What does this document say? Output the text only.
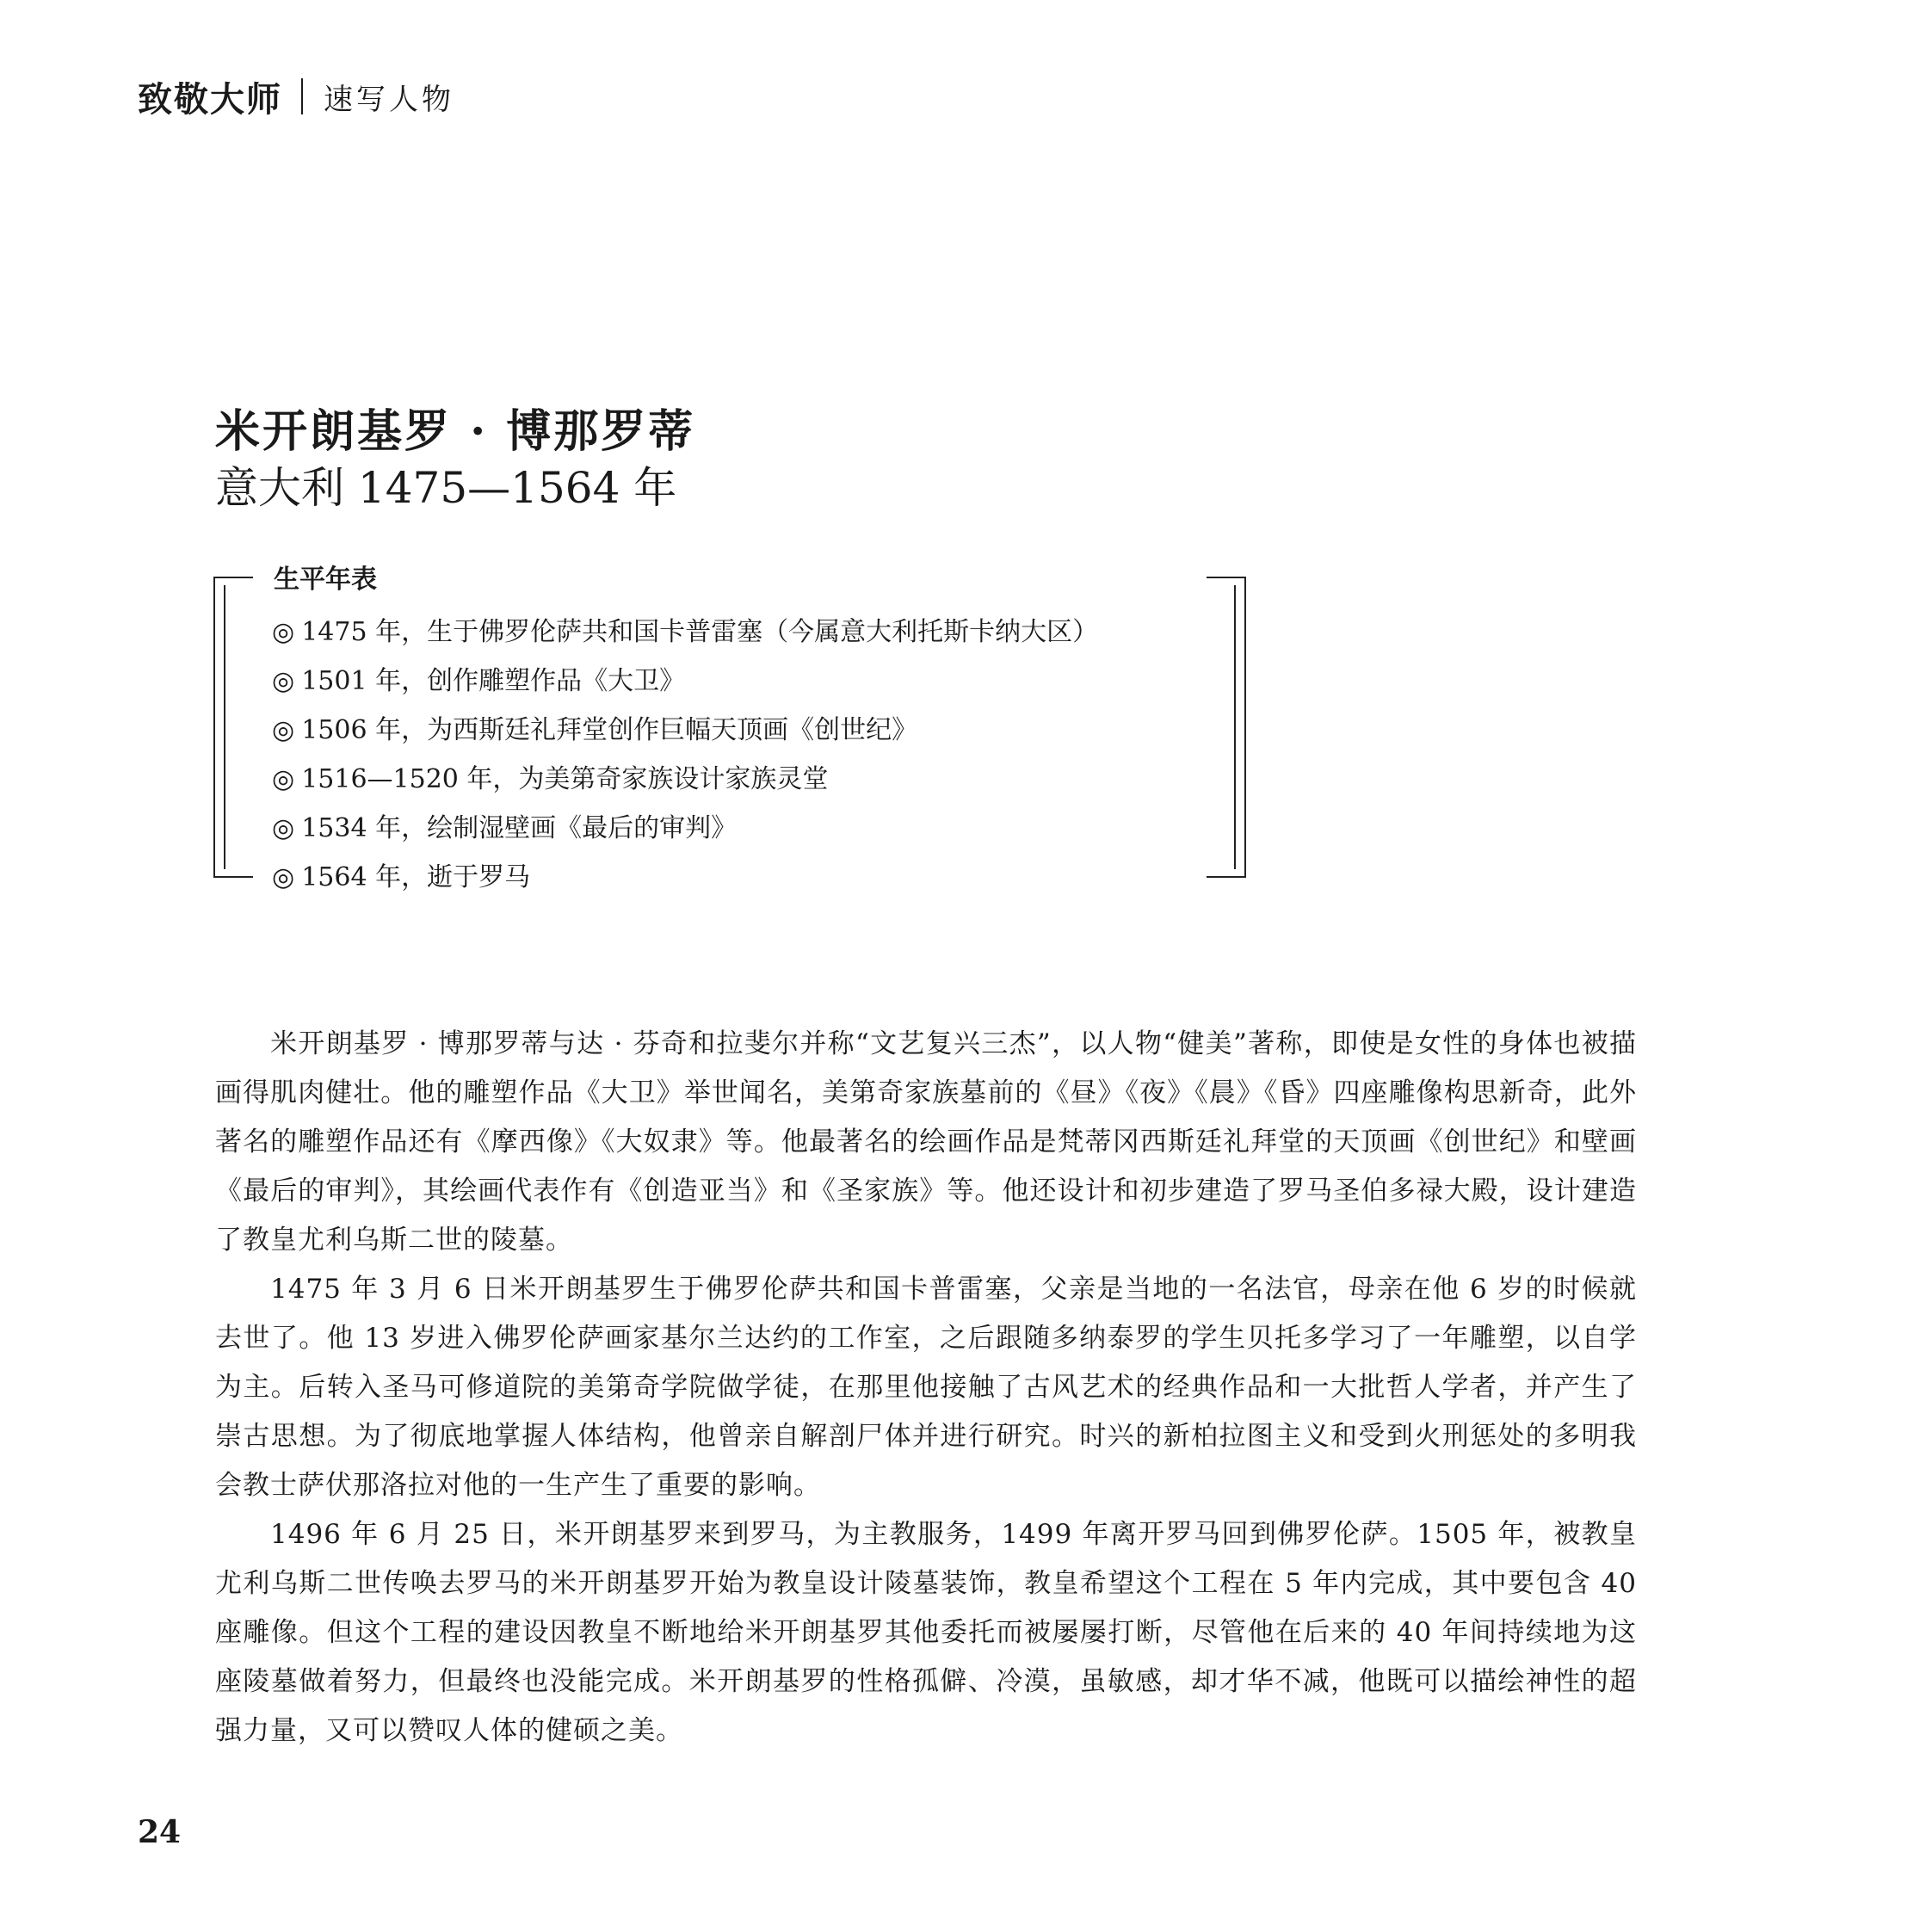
致敬大师 速写人物
米开朗基罗 · 博那罗蒂
意大利 1475—1564 年
生平年表
◎ 1475 年，生于佛罗伦萨共和国卡普雷塞（今属意大利托斯卡纳大区）
◎ 1501 年，创作雕塑作品《大卫》
◎ 1506 年，为西斯廷礼拜堂创作巨幅天顶画《创世纪》
◎ 1516—1520 年，为美第奇家族设计家族灵堂
◎ 1534 年，绘制湿壁画《最后的审判》
◎ 1564 年，逝于罗马

米开朗基罗 · 博那罗蒂与达 · 芬奇和拉斐尔并称“文艺复兴三杰”，以人物“健美”著称，即使是女性的身体也被描画得肌肉健壮。他的雕塑作品《大卫》举世闻名，美第奇家族墓前的《昼》《夜》《晨》《昏》四座雕像构思新奇，此外著名的雕塑作品还有《摩西像》《大奴隶》等。他最著名的绘画作品是梵蒂冈西斯廷礼拜堂的天顶画《创世纪》和壁画《最后的审判》，其绘画代表作有《创造亚当》和《圣家族》等。他还设计和初步建造了罗马圣伯多禄大殿，设计建造了教皇尤利乌斯二世的陵墓。

1475 年 3 月 6 日米开朗基罗生于佛罗伦萨共和国卡普雷塞，父亲是当地的一名法官，母亲在他 6 岁的时候就去世了。他 13 岁进入佛罗伦萨画家基尔兰达约的工作室，之后跟随多纳泰罗的学生贝托多学习了一年雕塑，以自学为主。后转入圣马可修道院的美第奇学院做学徒，在那里他接触了古风艺术的经典作品和一大批哲人学者，并产生了崇古思想。为了彻底地掌握人体结构，他曾亲自解剖尸体并进行研究。时兴的新柏拉图主义和受到火刑惩处的多明我会教士萨伏那洛拉对他的一生产生了重要的影响。

1496 年 6 月 25 日，米开朗基罗来到罗马，为主教服务，1499 年离开罗马回到佛罗伦萨。1505 年，被教皇尤利乌斯二世传唤去罗马的米开朗基罗开始为教皇设计陵墓装饰，教皇希望这个工程在 5 年内完成，其中要包含 40 座雕像。但这个工程的建设因教皇不断地给米开朗基罗其他委托而被屡屡打断，尽管他在后来的 40 年间持续地为这座陵墓做着努力，但最终也没能完成。米开朗基罗的性格孤僻、冷漠，虽敏感，却才华不减，他既可以描绘神性的超强力量，又可以赞叹人体的健硕之美。

24
